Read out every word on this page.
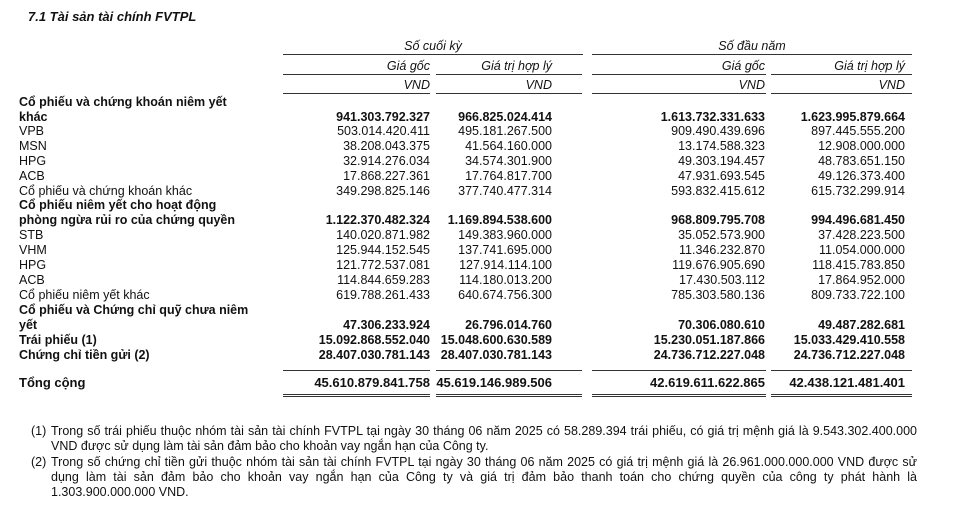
7.1 Tài sản tài chính FVTPL
Số cuối kỳ	Số đầu năm
Giá gốc	Giá trị hợp lý	Giá gốc	Giá trị hợp lý
VND	VND	VND	VND
Cổ phiếu và chứng khoán niêm yết
khác	941.303.792.327	966.825.024.414	1.613.732.331.633	1.623.995.879.664
VPB	503.014.420.411	495.181.267.500	909.490.439.696	897.445.555.200
MSN	38.208.043.375	41.564.160.000	13.174.588.323	12.908.000.000
HPG	32.914.276.034	34.574.301.900	49.303.194.457	48.783.651.150
ACB	17.868.227.361	17.764.817.700	47.931.693.545	49.126.373.400
Cổ phiếu và chứng khoán khác	349.298.825.146	377.740.477.314	593.832.415.612	615.732.299.914
Cổ phiếu niêm yết cho hoạt động
phòng ngừa rủi ro của chứng quyền	1.122.370.482.324	1.169.894.538.600	968.809.795.708	994.496.681.450
STB	140.020.871.982	149.383.960.000	35.052.573.900	37.428.223.500
VHM	125.944.152.545	137.741.695.000	11.346.232.870	11.054.000.000
HPG	121.772.537.081	127.914.114.100	119.676.905.690	118.415.783.850
ACB	114.844.659.283	114.180.013.200	17.430.503.112	17.864.952.000
Cổ phiếu niêm yết khác	619.788.261.433	640.674.756.300	785.303.580.136	809.733.722.100
Cổ phiếu và Chứng chỉ quỹ chưa niêm
yết	47.306.233.924	26.796.014.760	70.306.080.610	49.487.282.681
Trái phiếu (1)	15.092.868.552.040 15.048.600.630.589	15.230.051.187.866	15.033.429.410.558
Chứng chỉ tiền gửi (2)	28.407.030.781.143 28.407.030.781.143	24.736.712.227.048	24.736.712.227.048
Tổng cộng	45.610.879.841.758 45.619.146.989.506	42.619.611.622.865	42.438.121.481.401
(1) Trong số trái phiếu thuộc nhóm tài sản tài chính FVTPL tại ngày 30 tháng 06 năm 2025 có 58.289.394 trái phiếu, có giá trị mệnh giá là 9.543.302.400.000 VND được sử dụng làm tài sản đảm bảo cho khoản vay ngắn hạn của Công ty.
(2) Trong số chứng chỉ tiền gửi thuộc nhóm tài sản tài chính FVTPL tại ngày 30 tháng 06 năm 2025 có giá trị mệnh giá là 26.961.000.000.000 VND được sử dụng làm tài sản đảm bảo cho khoản vay ngắn hạn của Công ty và giá trị đảm bảo thanh toán cho chứng quyền của công ty phát hành là 1.303.900.000.000 VND.
